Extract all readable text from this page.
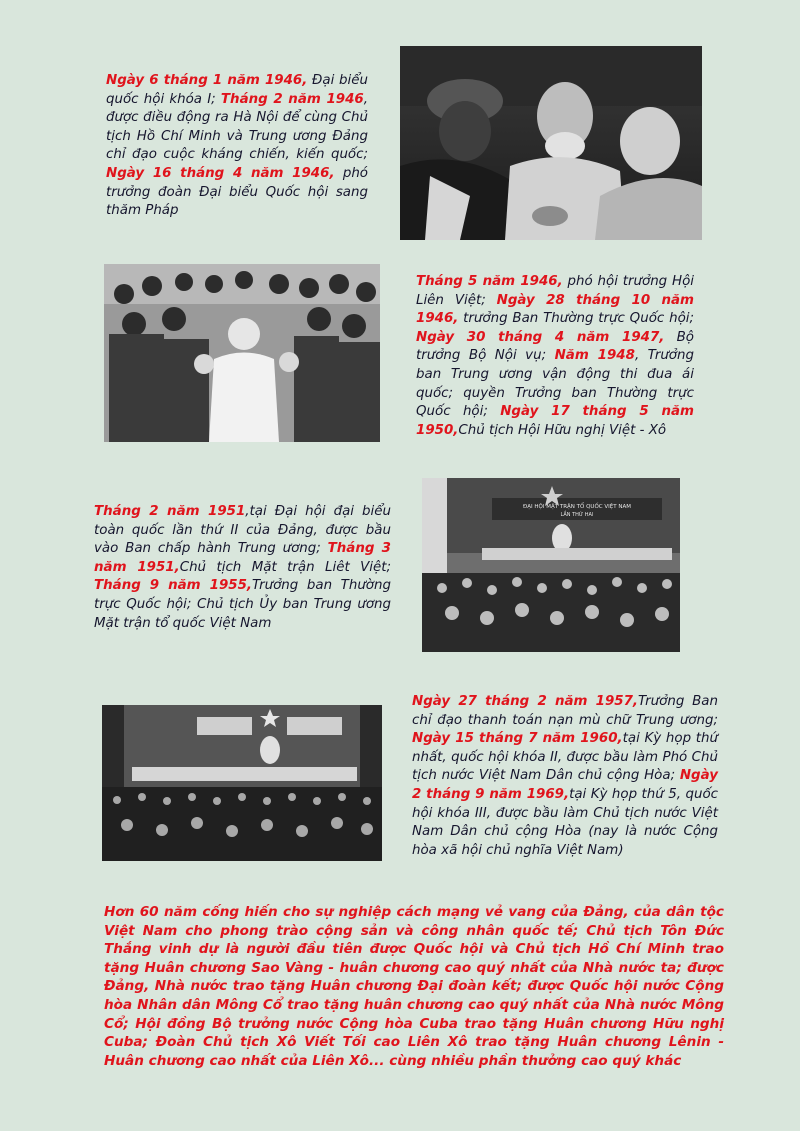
Ngày 6 tháng 1 năm 1946, Đại biểu quốc hội khóa I; Tháng 2 năm 1946, được điều động ra Hà Nội để cùng Chủ tịch Hồ Chí Minh và Trung ương Đảng chỉ đạo cuộc kháng chiến, kiến quốc; Ngày 16 tháng 4 năm 1946, phó trưởng đoàn Đại biểu Quốc hội sang thăm Pháp

Tháng 5 năm 1946, phó hội trưởng Hội Liên Việt; Ngày 28 tháng 10 năm 1946, trưởng Ban Thường trực Quốc hội; Ngày 30 tháng 4 năm 1947, Bộ trưởng Bộ Nội vụ; Năm 1948, Trưởng ban Trung ương vận động thi đua ái quốc; quyền Trưởng ban Thường trực Quốc hội; Ngày 17 tháng 5 năm 1950,Chủ tịch Hội Hữu nghị Việt - Xô

Tháng 2 năm 1951,tại Đại hội đại biểu toàn quốc lần thứ II của Đảng, được bầu vào Ban chấp hành Trung ương; Tháng 3 năm 1951,Chủ tịch Mặt trận Liêt Việt; Tháng 9 năm 1955,Trưởng ban Thường trực Quốc hội; Chủ tịch Ủy ban Trung ương Mặt trận tổ quốc Việt Nam

ĐẠI HỘI MẶT TRẬN TỔ QUỐC VIỆT NAM
LẦN THỨ HAI

Ngày 27 tháng 2 năm 1957,Trưởng Ban chỉ đạo thanh toán nạn mù chữ Trung ương; Ngày 15 tháng 7 năm 1960,tại Kỳ họp thứ nhất, quốc hội khóa II, được bầu làm Phó Chủ tịch nước Việt Nam Dân chủ cộng Hòa; Ngày 2 tháng 9 năm 1969,tại Kỳ họp thứ 5, quốc hội khóa III, được bầu làm Chủ tịch nước Việt Nam Dân chủ cộng Hòa (nay là nước Cộng hòa xã hội chủ nghĩa Việt Nam)

Hơn 60 năm cống hiến cho sự nghiệp cách mạng vẻ vang của Đảng, của dân tộc Việt Nam cho phong trào cộng sản và công nhân quốc tế; Chủ tịch Tôn Đức Thắng vinh dự là người đầu tiên được Quốc hội và Chủ tịch Hồ Chí Minh trao tặng Huân chương Sao Vàng - huân chương cao quý nhất của Nhà nước ta; được Đảng, Nhà nước trao tặng Huân chương Đại đoàn kết; được Quốc hội nước Cộng hòa Nhân dân Mông Cổ trao tặng huân chương cao quý nhất của Nhà nước Mông Cổ; Hội đồng Bộ trưởng nước Cộng hòa Cuba trao tặng Huân chương Hữu nghị Cuba; Đoàn Chủ tịch Xô Viết Tối cao Liên Xô trao tặng Huân chương Lênin - Huân chương cao nhất của Liên Xô... cùng nhiều phần thưởng cao quý khác
